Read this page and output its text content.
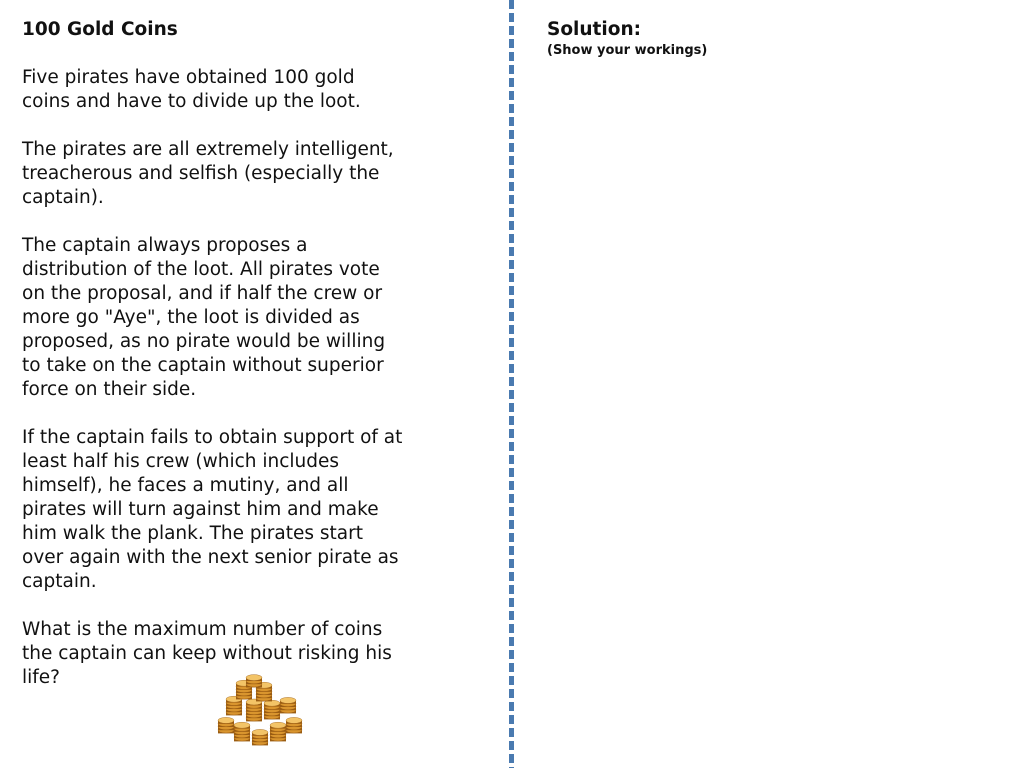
100 Gold Coins
Five pirates have obtained 100 gold
coins and have to divide up the loot.
The pirates are all extremely intelligent,
treacherous and selfish (especially the
captain).
The captain always proposes a
distribution of the loot. All pirates vote
on the proposal, and if half the crew or
more go "Aye", the loot is divided as
proposed, as no pirate would be willing
to take on the captain without superior
force on their side.
If the captain fails to obtain support of at
least half his crew (which includes
himself), he faces a mutiny, and all
pirates will turn against him and make
him walk the plank. The pirates start
over again with the next senior pirate as
captain.
What is the maximum number of coins
the captain can keep without risking his
life?
Solution:
(Show your workings)
